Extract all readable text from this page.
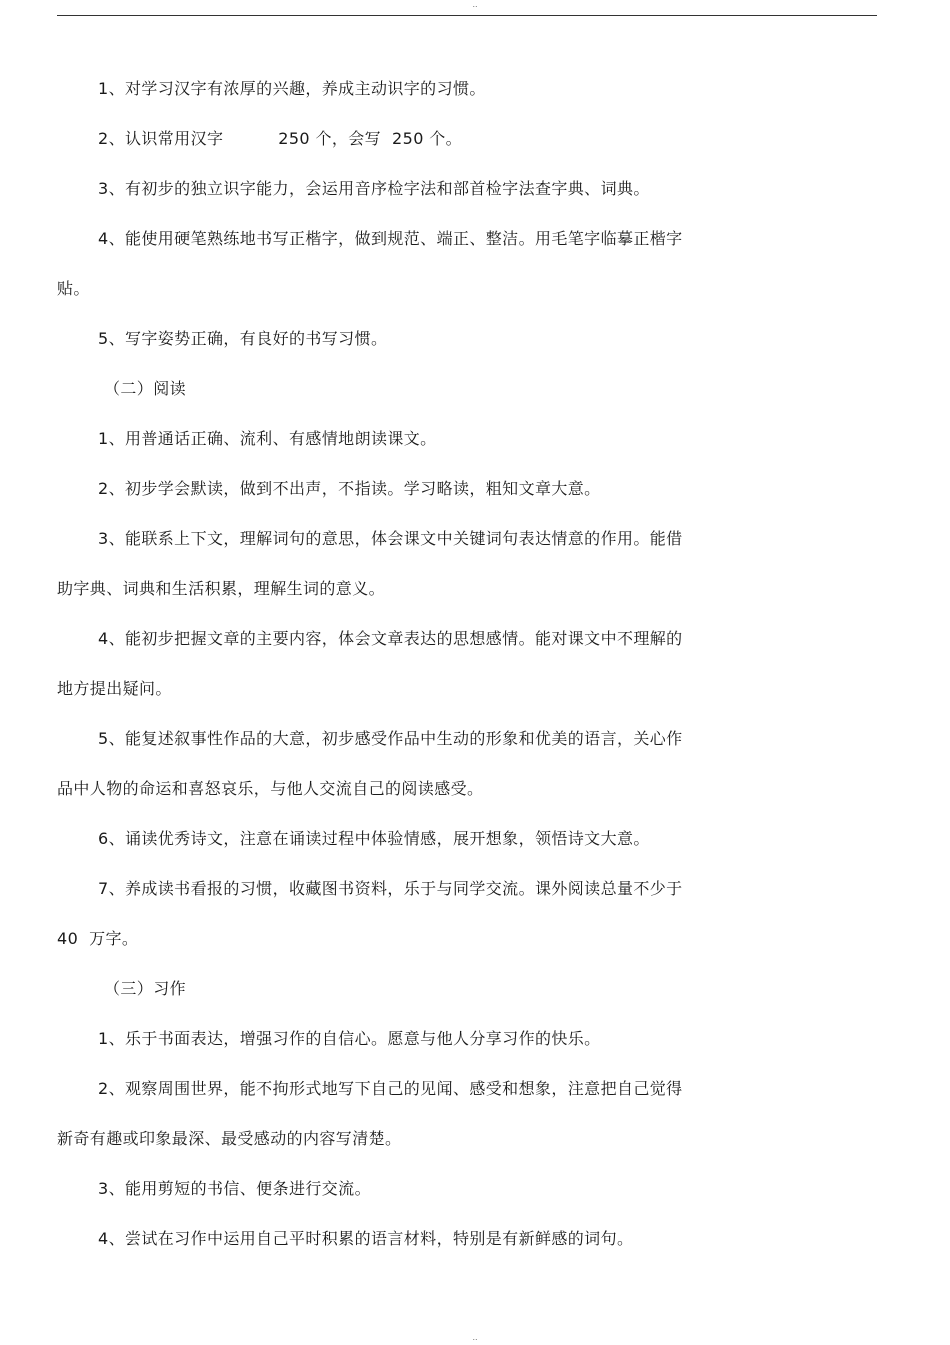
..
1、对学习汉字有浓厚的兴趣，养成主动识字的习惯。
2、认识常用汉字          250 个，会写  250 个。
3、有初步的独立识字能力，会运用音序检字法和部首检字法查字典、词典。
4、能使用硬笔熟练地书写正楷字，做到规范、端正、整洁。用毛笔字临摹正楷字
贴。
5、写字姿势正确，有良好的书写习惯。
（二）阅读
1、用普通话正确、流利、有感情地朗读课文。
2、初步学会默读，做到不出声，不指读。学习略读，粗知文章大意。
3、能联系上下文，理解词句的意思，体会课文中关键词句表达情意的作用。能借
助字典、词典和生活积累，理解生词的意义。
4、能初步把握文章的主要内容，体会文章表达的思想感情。能对课文中不理解的
地方提出疑问。
5、能复述叙事性作品的大意，初步感受作品中生动的形象和优美的语言，关心作
品中人物的命运和喜怒哀乐，与他人交流自己的阅读感受。
6、诵读优秀诗文，注意在诵读过程中体验情感，展开想象，领悟诗文大意。
7、养成读书看报的习惯，收藏图书资料，乐于与同学交流。课外阅读总量不少于
40  万字。
（三）习作
1、乐于书面表达，增强习作的自信心。愿意与他人分享习作的快乐。
2、观察周围世界，能不拘形式地写下自己的见闻、感受和想象，注意把自己觉得
新奇有趣或印象最深、最受感动的内容写清楚。
3、能用剪短的书信、便条进行交流。
4、尝试在习作中运用自己平时积累的语言材料，特别是有新鲜感的词句。
..
